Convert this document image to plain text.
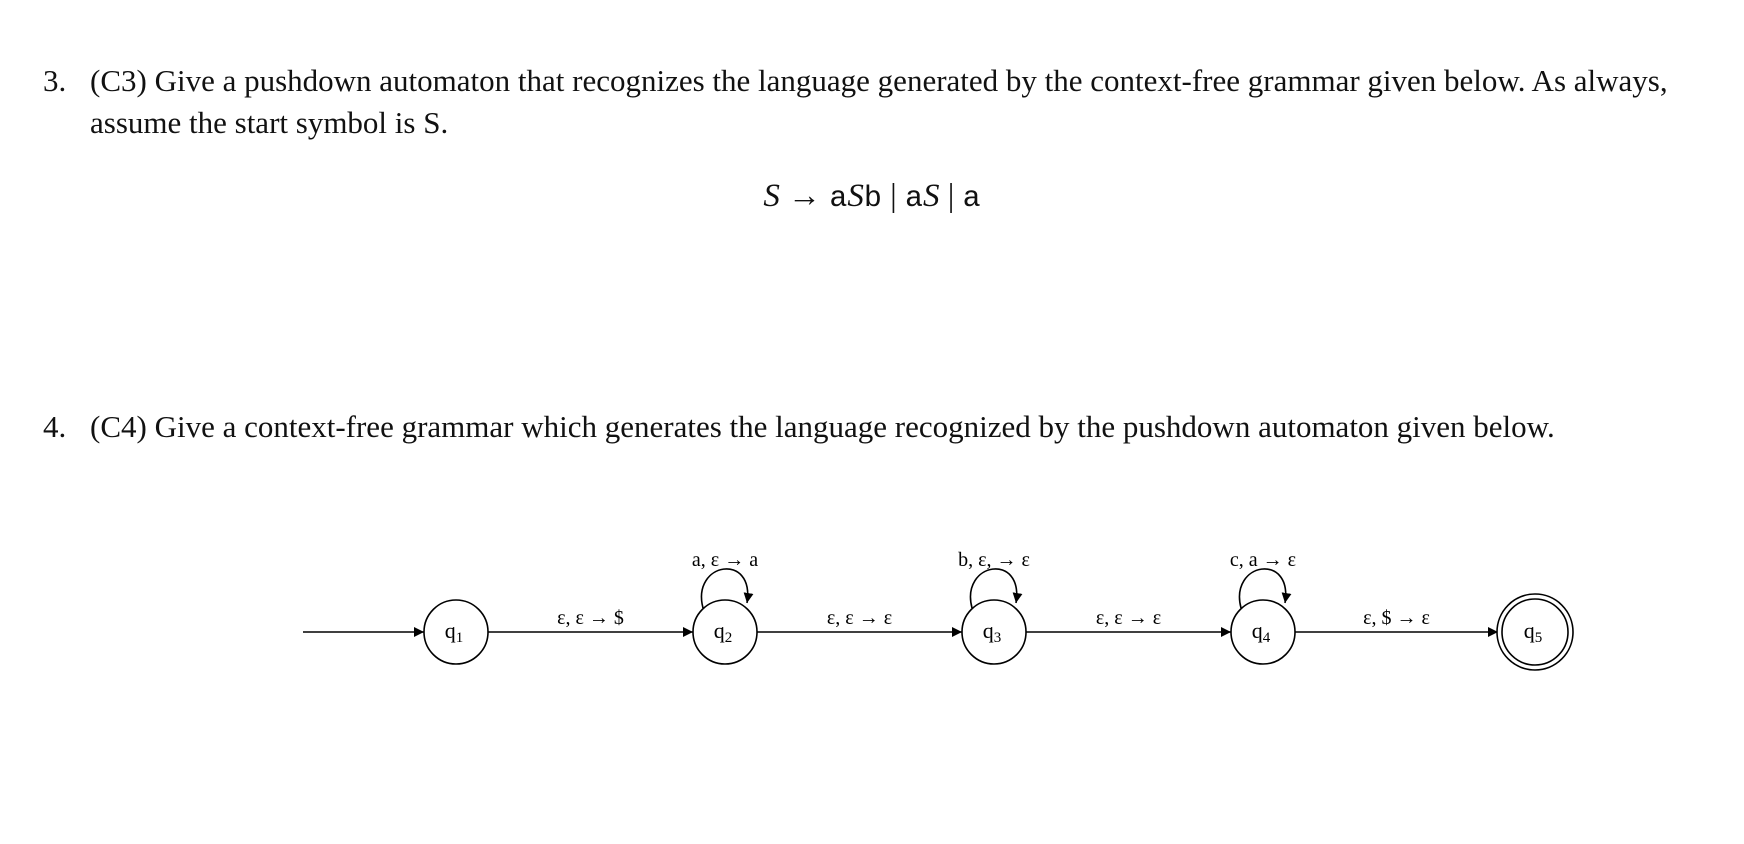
3. (C3) Give a pushdown automaton that recognizes the language generated by the context-free grammar given below. As always, assume the start symbol is S.
S → aSb | aS | a
4. (C4) Give a context-free grammar which generates the language recognized by the pushdown automaton given below.
ε, ε → $	ε, ε → ε	ε, ε → ε	ε, $ → ε
a, ε → a	b, ε, → ε	c, a → ε
q1	q2	q3	q4	q5
